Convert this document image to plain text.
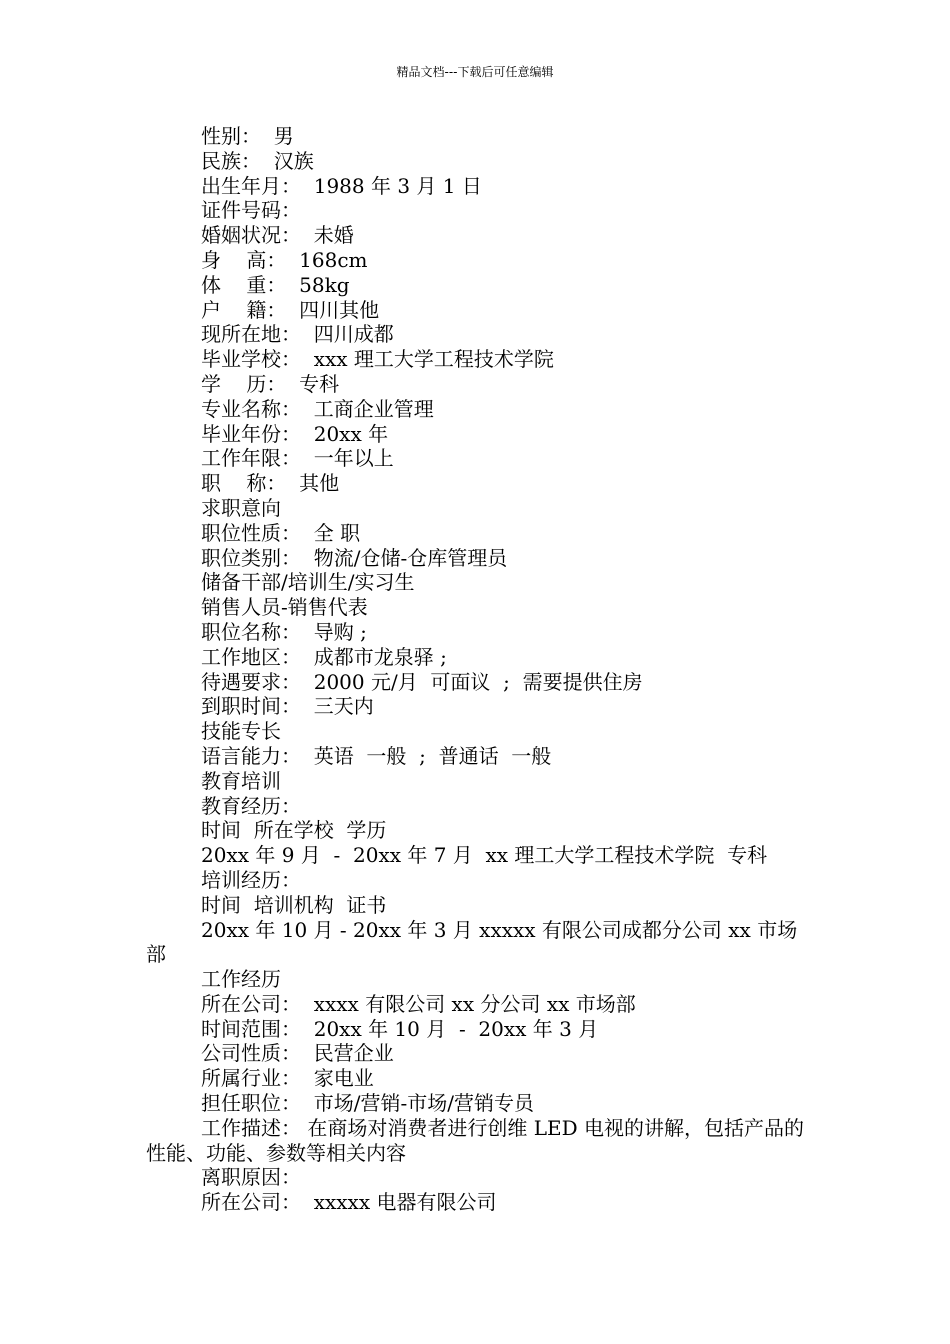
精品文档---下载后可任意编辑
性别：  男
民族：  汉族
出生年月：  1988 年 3 月 1 日
证件号码：
婚姻状况：  未婚
身    高：  168cm
体    重：  58kg
户    籍：  四川其他
现所在地：  四川成都
毕业学校：  xxx 理工大学工程技术学院
学    历：  专科
专业名称：  工商企业管理
毕业年份：  20xx 年
工作年限：  一年以上
职    称：  其他
求职意向
职位性质：  全 职
职位类别：  物流/仓储-仓库管理员
储备干部/培训生/实习生
销售人员-销售代表
职位名称：  导购 ;
工作地区：  成都市龙泉驿 ;
待遇要求：  2000 元/月  可面议  ;  需要提供住房
到职时间：  三天内
技能专长
语言能力：  英语  一般  ;  普通话  一般
教育培训
教育经历：
时间  所在学校  学历
20xx 年 9 月  -  20xx 年 7 月  xx 理工大学工程技术学院  专科
培训经历：
时间  培训机构  证书
20xx 年 10 月 - 20xx 年 3 月 xxxxx 有限公司成都分公司 xx 市场部
工作经历
所在公司：  xxxx 有限公司 xx 分公司 xx 市场部
时间范围：  20xx 年 10 月  -  20xx 年 3 月
公司性质：  民营企业
所属行业：  家电业
担任职位：  市场/营销-市场/营销专员
工作描述： 在商场对消费者进行创维 LED 电视的讲解，包括产品的性能、功能、参数等相关内容
离职原因：
所在公司：  xxxxx 电器有限公司
